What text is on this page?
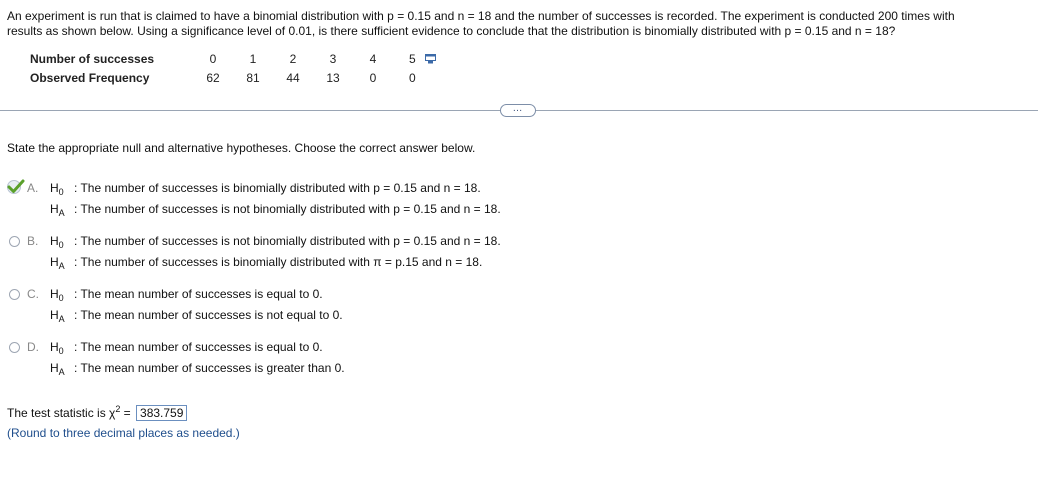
An experiment is run that is claimed to have a binomial distribution with p = 0.15 and n = 18 and the number of successes is recorded. The experiment is conducted 200 times with
results as shown below. Using a significance level of 0.01, is there sufficient evidence to conclude that the distribution is binomially distributed with p = 0.15 and n = 18?
Number of successes	0	1	2	3	4	5
Observed Frequency	62	81	44	13	0	0
…
State the appropriate null and alternative hypotheses. Choose the correct answer below.
A. $H_0$ : The number of successes is binomially distributed with p = 0.15 and n = 18.
$H_A$ : The number of successes is not binomially distributed with p = 0.15 and n = 18.
B. $H_0$ : The number of successes is not binomially distributed with p = 0.15 and n = 18.
$H_A$ : The number of successes is binomially distributed with π = p.15 and n = 18.
C. $H_0$ : The mean number of successes is equal to 0.
$H_A$ : The mean number of successes is not equal to 0.
D. $H_0$ : The mean number of successes is equal to 0.
$H_A$ : The mean number of successes is greater than 0.
The test statistic is $\chi^2 = 383.759$
(Round to three decimal places as needed.)
